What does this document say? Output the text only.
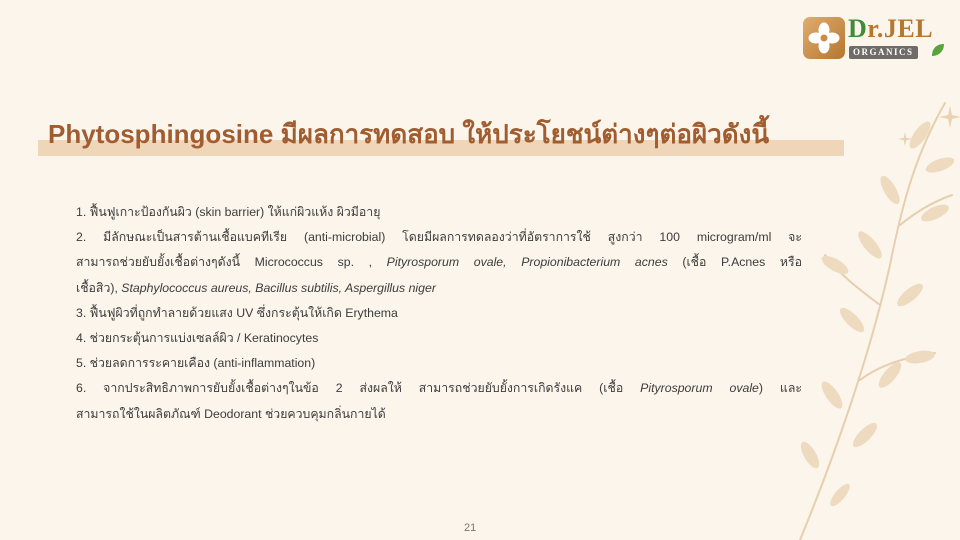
Dr.JEL
ORGANICS
Phytosphingosine มีผลการทดสอบ ให้ประโยชน์ต่างๆต่อผิวดังนี้

1. ฟื้นฟูเกาะป้องกันผิว (skin barrier) ให้แก่ผิวแห้ง ผิวมีอายุ

2. มีลักษณะเป็นสารต้านเชื้อแบคทีเรีย (anti-microbial) โดยมีผลการทดลองว่าที่อัตราการใช้ สูงกว่า 100 microgram/ml จะ

สามารถช่วยยับยั้งเชื้อต่างๆดังนี้ Micrococcus sp. , Pityrosporum ovale, Propionibacterium acnes (เชื้อ P.Acnes หรือ

เชื้อสิว), Staphylococcus aureus, Bacillus subtilis, Aspergillus niger

3. ฟื้นฟูผิวที่ถูกทำลายด้วยแสง UV ซึ่งกระตุ้นให้เกิด Erythema

4. ช่วยกระตุ้นการแบ่งเซลล์ผิว / Keratinocytes

5. ช่วยลดการระคายเคือง (anti-inflammation)

6. จากประสิทธิภาพการยับยั้งเชื้อต่างๆในข้อ 2 ส่งผลให้ สามารถช่วยยับยั้งการเกิดรังแค (เชื้อ Pityrosporum ovale) และ

สามารถใช้ในผลิตภัณฑ์ Deodorant ช่วยควบคุมกลิ่นกายได้

21
